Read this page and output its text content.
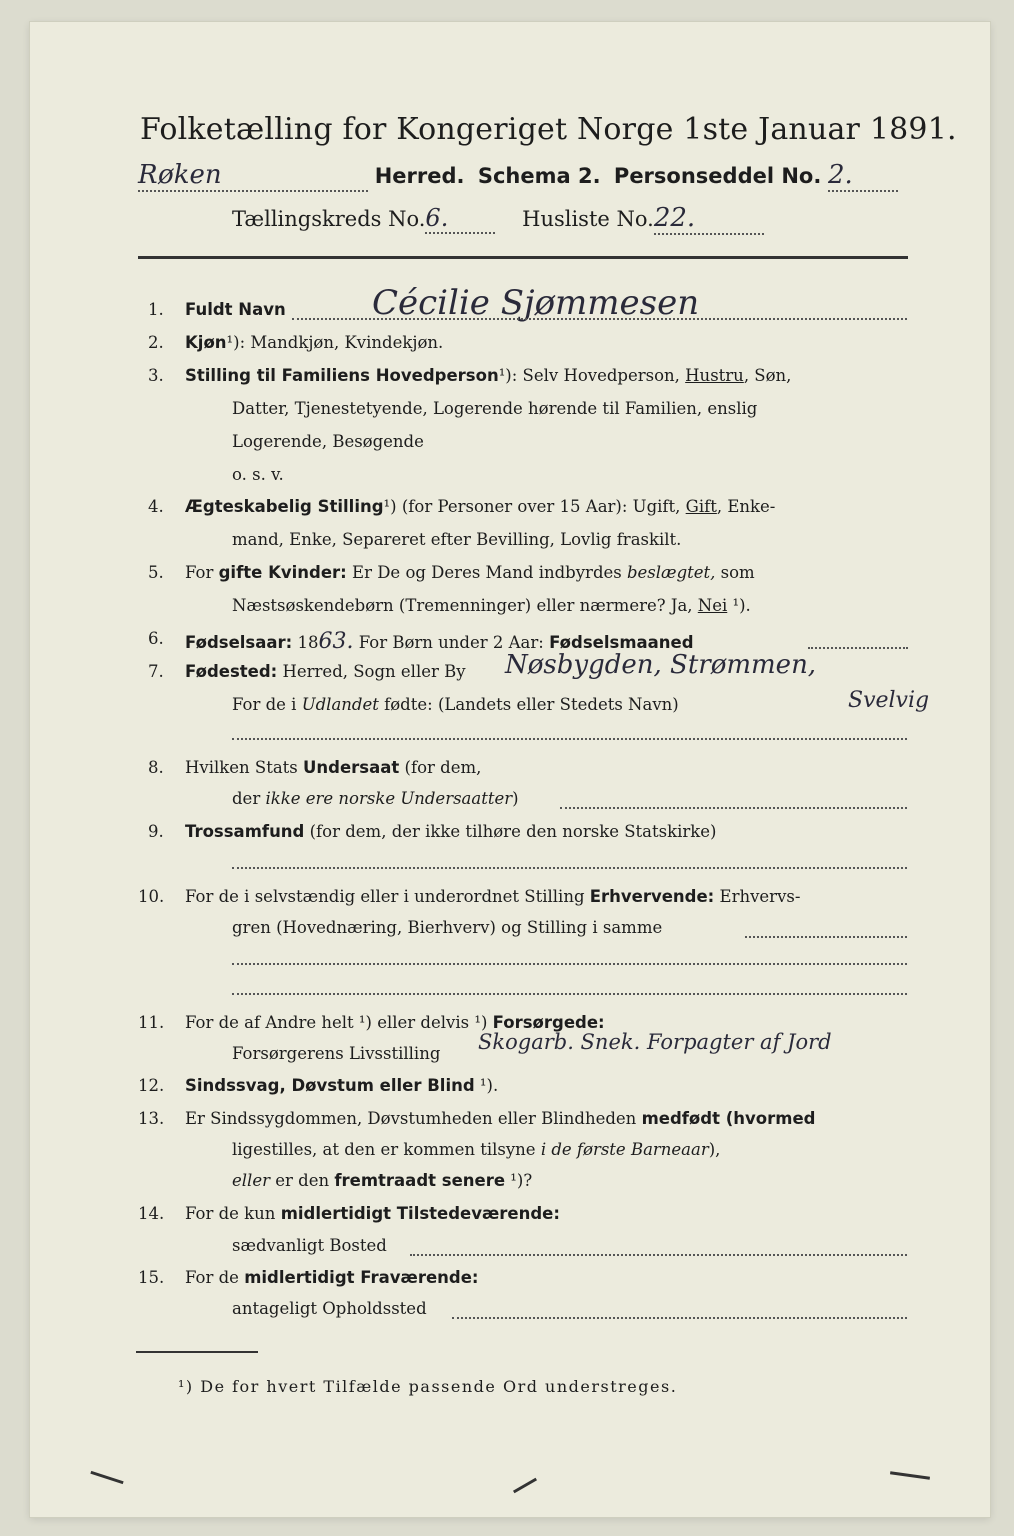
Folketælling for Kongeriget Norge 1ste Januar 1891.
Røken	Herred. Schema 2. Personseddel No. 2.
Tællingskreds No.6.	Husliste No.22.
1. Fuldt Navn	Cécilie Sjømmesen
2. Kjøn¹): Mandkjøn, Kvindekjøn.
3. Stilling til Familiens Hovedperson¹): Selv Hovedperson, Hustru, Søn,
Datter, Tjenestetyende, Logerende hørende til Familien, enslig
Logerende, Besøgende
o. s. v.
4. Ægteskabelig Stilling¹) (for Personer over 15 Aar): Ugift, Gift, Enke-
mand, Enke, Separeret efter Bevilling, Lovlig fraskilt.
5. For gifte Kvinder: Er De og Deres Mand indbyrdes beslægtet, som
Næstsøskendebørn (Tremenninger) eller nærmere? Ja, Nei ¹).
6. Fødselsaar: 1863. For Børn under 2 Aar: Fødselsmaaned
7. Fødested: Herred, Sogn eller By Nøsbygden, Strømmen,
For de i Udlandet fødte: (Landets eller Stedets Navn)	Svelvig
8. Hvilken Stats Undersaat (for dem,
der ikke ere norske Undersaatter)
9. Trossamfund (for dem, der ikke tilhøre den norske Statskirke)
10. For de i selvstændig eller i underordnet Stilling Erhvervende: Erhvervs-
gren (Hovednæring, Bierhverv) og Stilling i samme
11. For de af Andre helt ¹) eller delvis ¹) Forsørgede:
Forsørgerens Livsstilling Skogarb. Snek. Forpagter af Jord
12. Sindssvag, Døvstum eller Blind ¹).
13. Er Sindssygdommen, Døvstumheden eller Blindheden medfødt (hvormed
ligestilles, at den er kommen tilsyne i de første Barneaar),
eller er den fremtraadt senere ¹)?
14. For de kun midlertidigt Tilstedeværende:
sædvanligt Bosted
15. For de midlertidigt Fraværende:
antageligt Opholdssted
¹) De for hvert Tilfælde passende Ord understreges.
